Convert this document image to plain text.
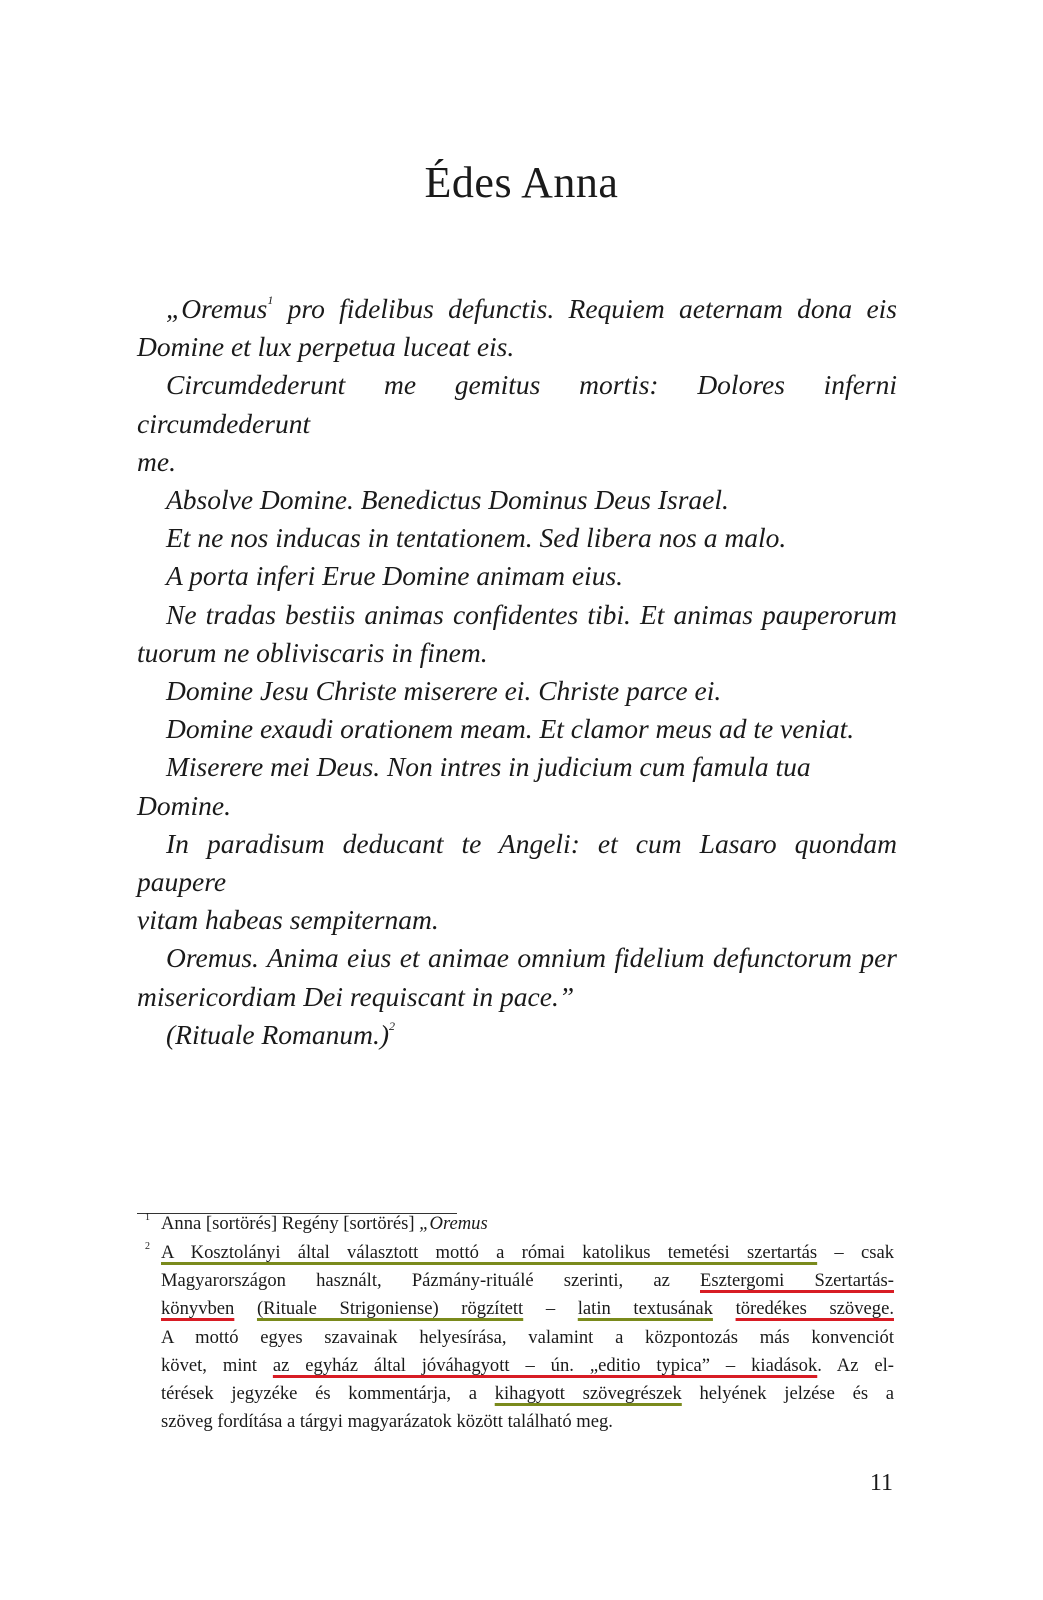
Édes Anna

„Oremus$^1$ pro fidelibus defunctis. Requiem aeternam dona eis

Domine et lux perpetua luceat eis.

Circumdederunt me gemitus mortis: Dolores inferni circumdederunt

me.

Absolve Domine. Benedictus Dominus Deus Israel.

Et ne nos inducas in tentationem. Sed libera nos a malo.

A porta inferi Erue Domine animam eius.

Ne tradas bestiis animas confidentes tibi. Et animas pauperorum

tuorum ne obliviscaris in finem.

Domine Jesu Christe miserere ei. Christe parce ei.

Domine exaudi orationem meam. Et clamor meus ad te veniat.

Miserere mei Deus. Non intres in judicium cum famula tua Domine.

In paradisum deducant te Angeli: et cum Lasaro quondam paupere

vitam habeas sempiternam.

Oremus. Anima eius et animae omnium fidelium defunctorum per

misericordiam Dei requiscant in pace.”

(Rituale Romanum.)$^2$

1 Anna [sortörés] Regény [sortörés] „Oremus
2 A Kosztolányi által választott mottó a római katolikus temetési szertartás – csak
Magyarországon használt, Pázmány-rituálé szerinti, az Esztergomi Szertartás-
könyvben (Rituale Strigoniense) rögzített – latin textusának töredékes szövege.
A mottó egyes szavainak helyesírása, valamint a központozás más konvenciót
követ, mint az egyház által jóváhagyott – ún. „editio typica” – kiadások. Az el-
térések jegyzéke és kommentárja, a kihagyott szövegrészek helyének jelzése és a
szöveg fordítása a tárgyi magyarázatok között található meg.
11
